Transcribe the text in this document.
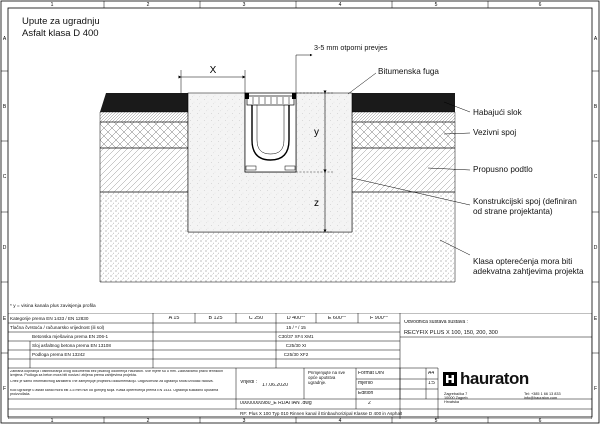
1	2	3	4	5	6
1	2	3	4	5	6
A
B
C
D
E
F
A
B
C
D
E
F
X
y
z
Upute za ugradnju
Asfalt klasa D 400
3-5 mm otporni prevjes
Bitumenska fuga
Habajući slok
Vezivni spoj
Propusno podtlo
Konstrukcijski spoj (definiran od strane projektanta)
Klasa opterećenja mora biti adekvatna zahtjevima projekta
* y = visina kanala plus zavisjenja profila
Kategorije prema EN 1433 / EN 12830	A 15	B 125	C 250	D 400**	E 600**	F 900**
Odvodnica sustava sustava :
RECYFIX PLUS X 100, 150, 200, 300
Tlačna čvrstoća / računarsko vrijednost (ili sol)	15 / * / 15
Betonska mješavina prema EN 206-1	C30/37 XF4 XM1
Sloj asfaltnog betona prema EN 13108	C25/30 XI
Podloga prema EN 13242	C25/30 XF2
Zabrana kopiranja i distribuiranja ovog dokumenta bez pisanog odobrenja Hauraton. Sve mjere su u mm. Zadržavamo pravo tehničkih izmjena. Podloga za beton mora biti nosiva i zbijena prema zahtjevima projekta.
Crtež je samo informativnog karaktera i ne zamjenjuje projektnu dokumentaciju. Odgovornost za ugradnju snosi izvođač radova.
Kod ugradnje u asfalt kanal mora biti 3-5 mm niži od gornjeg sloja. Klasa opterećenja prema EN 1433. Ugradnja sukladno uputama proizvođača.
Vrijeđi : 17.06.2020
Primjenjujte na sve opće uputstva ugradnje.
Format DIN	A4
mjerilo	1:5
Edition
00000000980_E RDATIAN .dwg	2
RF: Plus X 100 Typ 010 Rinnen kanal il Einbauhorizipal Klasse D 400 in Asphalt
hauraton
Zagrebačka 7
10000 Zagreb
Hrvatska
Tel: +385 1 66 13 833
info@hauraton.com
